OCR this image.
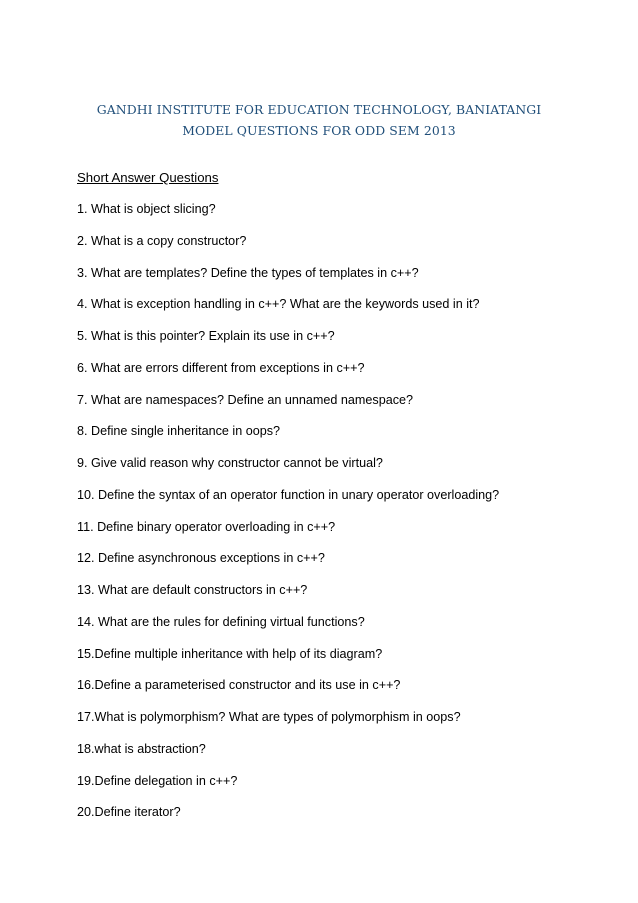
GANDHI INSTITUTE FOR EDUCATION TECHNOLOGY, BANIATANGI
MODEL QUESTIONS FOR ODD SEM 2013
Short Answer Questions
1. What is object slicing?
2. What is a copy constructor?
3. What are templates? Define the types of templates in c++?
4. What is exception handling in c++? What are the keywords used in it?
5. What is this pointer? Explain its use in c++?
6. What are errors different from exceptions in c++?
7. What are namespaces? Define an unnamed namespace?
8. Define single inheritance in oops?
9. Give valid reason why constructor cannot be virtual?
10. Define the syntax of an operator function in unary operator overloading?
11. Define binary operator overloading in c++?
12. Define asynchronous exceptions in c++?
13. What are default constructors in c++?
14. What are the rules for defining virtual functions?
15.Define multiple inheritance with help of its diagram?
16.Define a parameterised constructor and its use in c++?
17.What is polymorphism? What are types of polymorphism in oops?
18.what is abstraction?
19.Define delegation in c++?
20.Define iterator?
